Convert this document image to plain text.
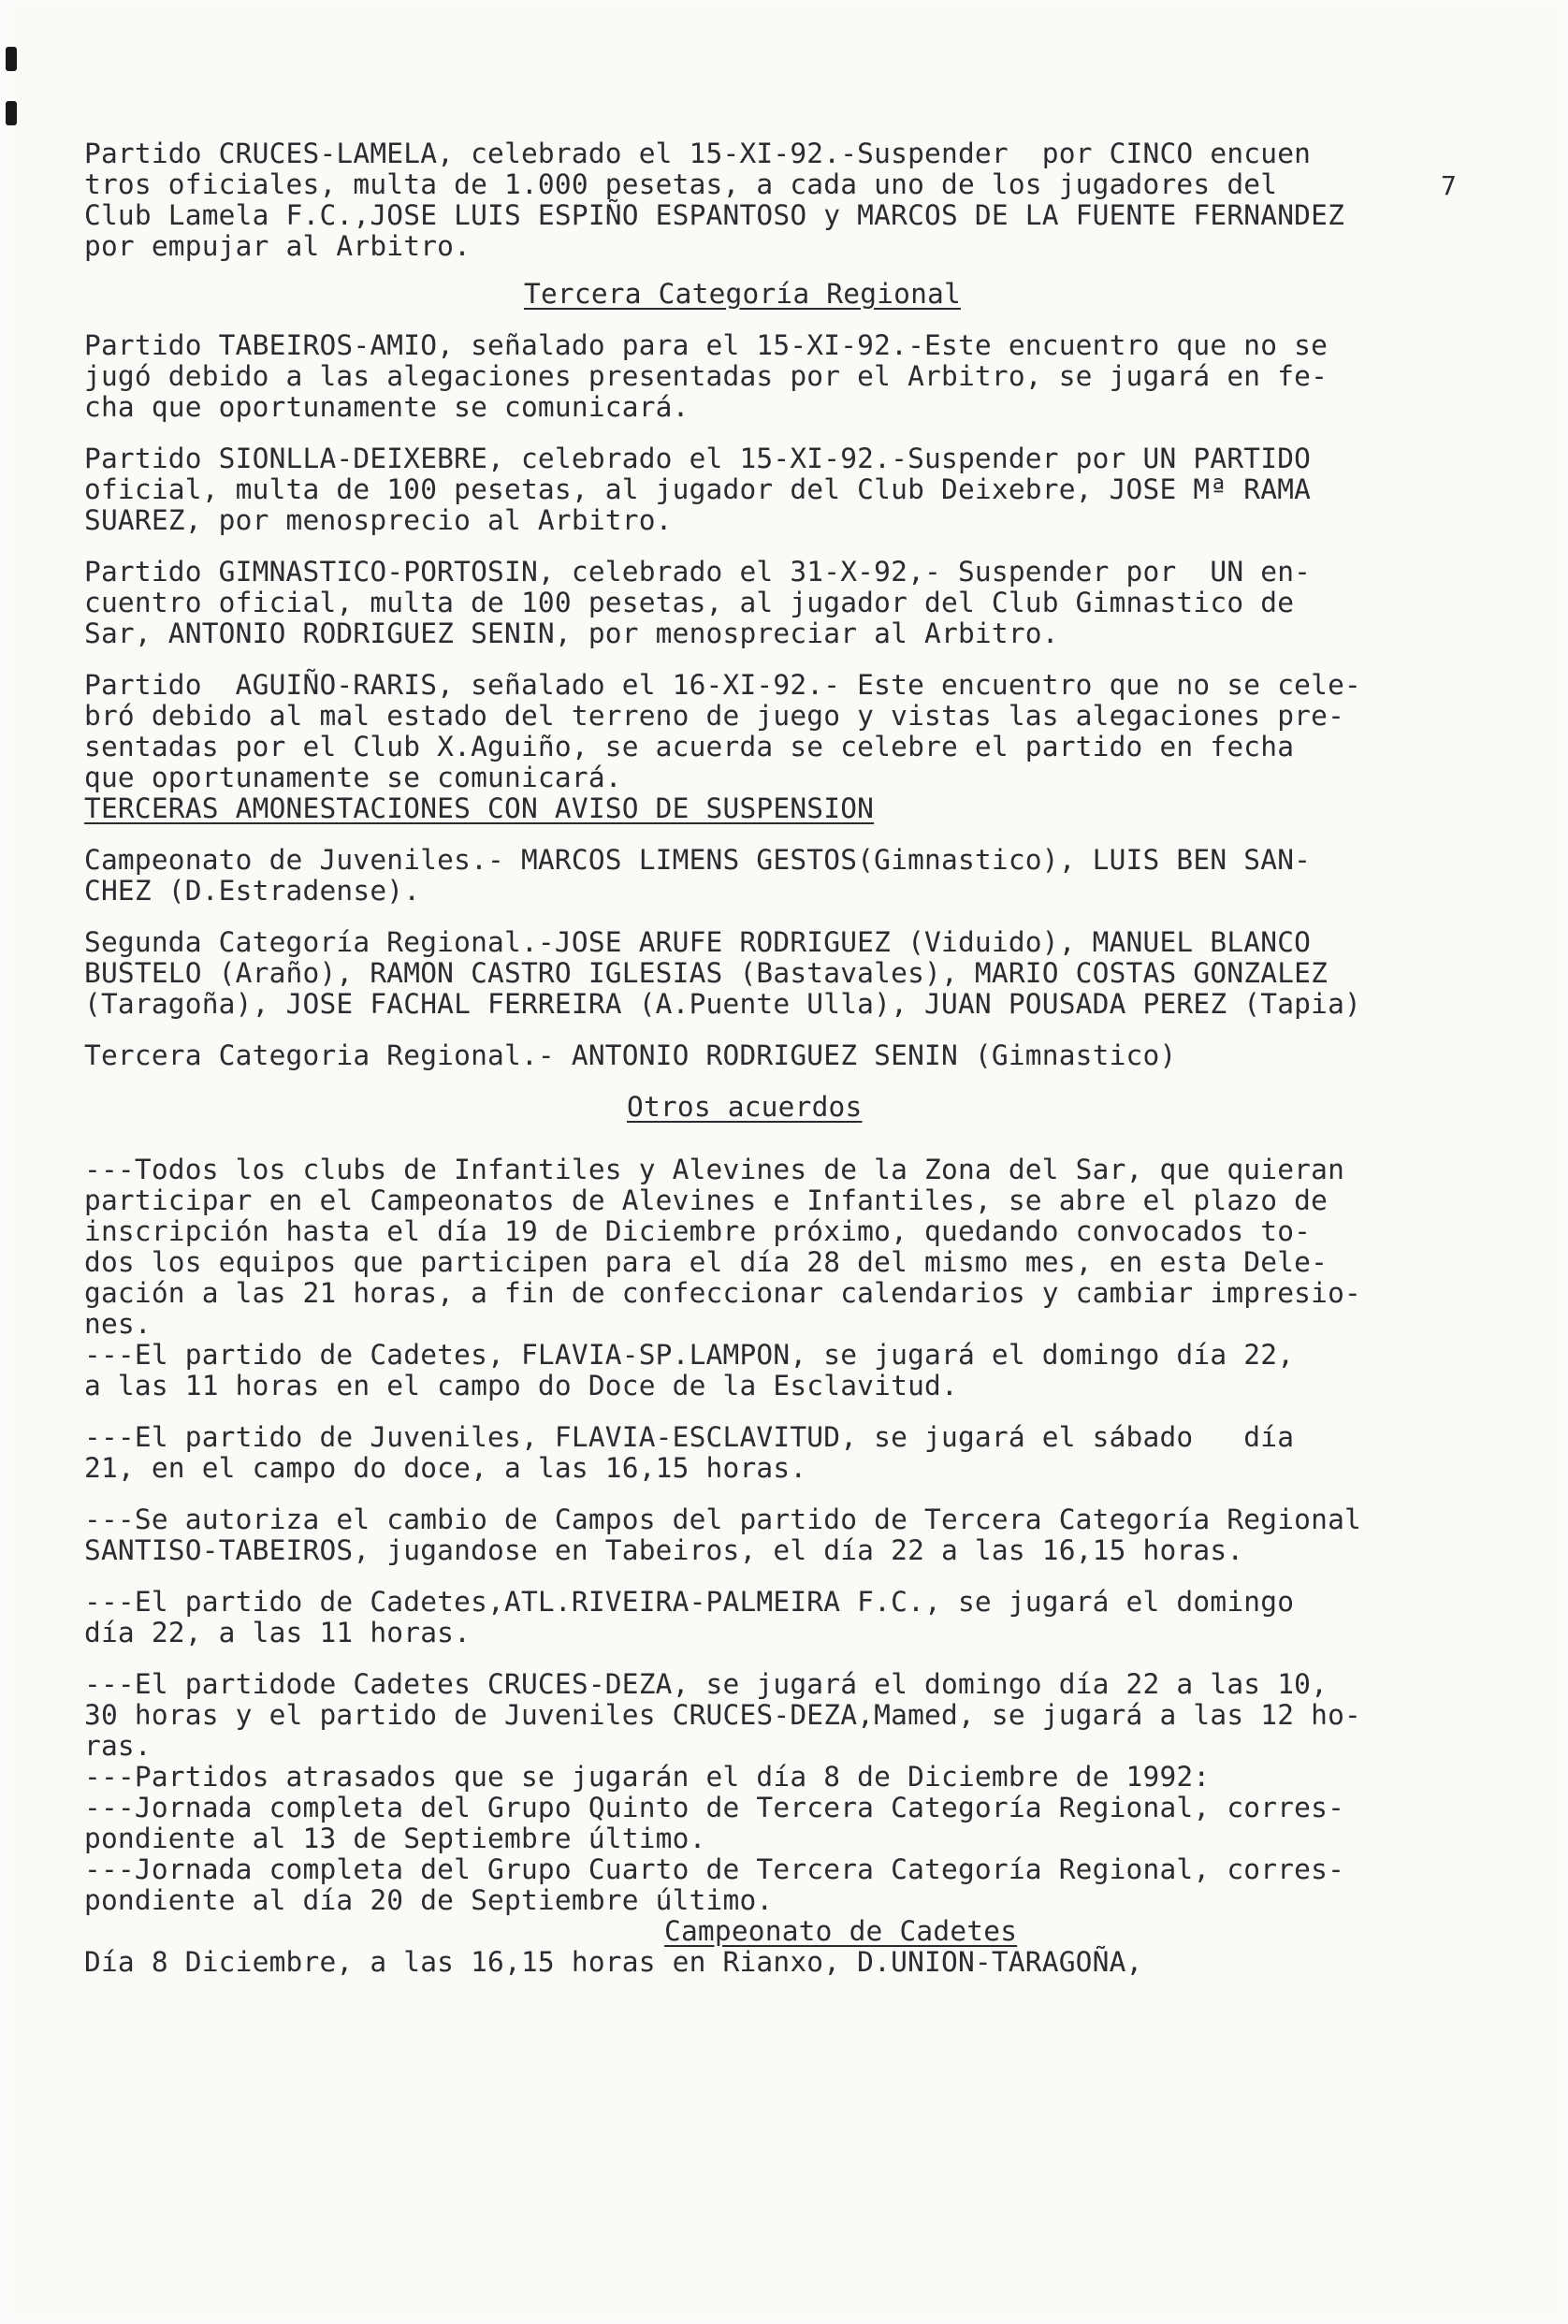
7
Partido CRUCES-LAMELA, celebrado el 15-XI-92.-Suspender  por CINCO encuen
tros oficiales, multa de 1.000 pesetas, a cada uno de los jugadores del
Club Lamela F.C.,JOSE LUIS ESPIÑO ESPANTOSO y MARCOS DE LA FUENTE FERNANDEZ
por empujar al Arbitro.
Tercera Categoría Regional
Partido TABEIROS-AMIO, señalado para el 15-XI-92.-Este encuentro que no se
jugó debido a las alegaciones presentadas por el Arbitro, se jugará en fe-
cha que oportunamente se comunicará.
Partido SIONLLA-DEIXEBRE, celebrado el 15-XI-92.-Suspender por UN PARTIDO
oficial, multa de 100 pesetas, al jugador del Club Deixebre, JOSE Mª RAMA
SUAREZ, por menosprecio al Arbitro.
Partido GIMNASTICO-PORTOSIN, celebrado el 31-X-92,- Suspender por  UN en-
cuentro oficial, multa de 100 pesetas, al jugador del Club Gimnastico de
Sar, ANTONIO RODRIGUEZ SENIN, por menospreciar al Arbitro.
Partido  AGUIÑO-RARIS, señalado el 16-XI-92.- Este encuentro que no se cele-
bró debido al mal estado del terreno de juego y vistas las alegaciones pre-
sentadas por el Club X.Aguiño, se acuerda se celebre el partido en fecha
que oportunamente se comunicará.
TERCERAS AMONESTACIONES CON AVISO DE SUSPENSION
Campeonato de Juveniles.- MARCOS LIMENS GESTOS(Gimnastico), LUIS BEN SAN-
CHEZ (D.Estradense).
Segunda Categoría Regional.-JOSE ARUFE RODRIGUEZ (Viduido), MANUEL BLANCO
BUSTELO (Araño), RAMON CASTRO IGLESIAS (Bastavales), MARIO COSTAS GONZALEZ
(Taragoña), JOSE FACHAL FERREIRA (A.Puente Ulla), JUAN POUSADA PEREZ (Tapia)
Tercera Categoria Regional.- ANTONIO RODRIGUEZ SENIN (Gimnastico)
Otros acuerdos
---Todos los clubs de Infantiles y Alevines de la Zona del Sar, que quieran
participar en el Campeonatos de Alevines e Infantiles, se abre el plazo de
inscripción hasta el día 19 de Diciembre próximo, quedando convocados to-
dos los equipos que participen para el día 28 del mismo mes, en esta Dele-
gación a las 21 horas, a fin de confeccionar calendarios y cambiar impresio-
nes.
---El partido de Cadetes, FLAVIA-SP.LAMPON, se jugará el domingo día 22,
a las 11 horas en el campo do Doce de la Esclavitud.
---El partido de Juveniles, FLAVIA-ESCLAVITUD, se jugará el sábado   día
21, en el campo do doce, a las 16,15 horas.
---Se autoriza el cambio de Campos del partido de Tercera Categoría Regional
SANTISO-TABEIROS, jugandose en Tabeiros, el día 22 a las 16,15 horas.
---El partido de Cadetes,ATL.RIVEIRA-PALMEIRA F.C., se jugará el domingo
día 22, a las 11 horas.
---El partidode Cadetes CRUCES-DEZA, se jugará el domingo día 22 a las 10,
30 horas y el partido de Juveniles CRUCES-DEZA,Mamed, se jugará a las 12 ho-
ras.
---Partidos atrasados que se jugarán el día 8 de Diciembre de 1992:
---Jornada completa del Grupo Quinto de Tercera Categoría Regional, corres-
pondiente al 13 de Septiembre último.
---Jornada completa del Grupo Cuarto de Tercera Categoría Regional, corres-
pondiente al día 20 de Septiembre último.
Campeonato de Cadetes
Día 8 Diciembre, a las 16,15 horas en Rianxo, D.UNION-TARAGOÑA,
